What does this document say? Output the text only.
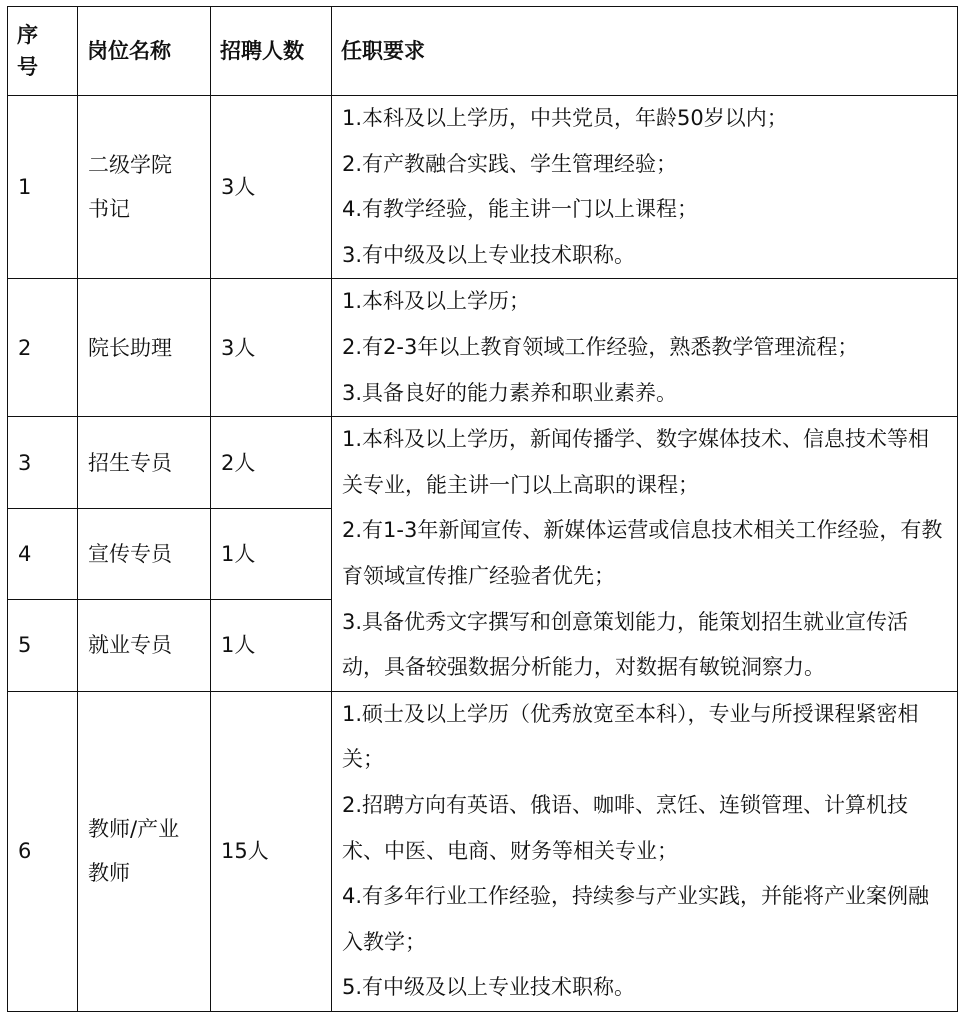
序号	岗位名称	招聘人数	任职要求
1	二级学院书记	3人	1.本科及以上学历，中共党员，年龄50岁以内；
2.有产教融合实践、学生管理经验；
4.有教学经验，能主讲一门以上课程；
3.有中级及以上专业技术职称。

2	院长助理	3人	1.本科及以上学历；
2.有2-3年以上教育领域工作经验，熟悉教学管理流程；
3.具备良好的能力素养和职业素养。

3	招生专员	2人	1.本科及以上学历，新闻传播学、数字媒体技术、信息技术等相关专业，能主讲一门以上高职的课程；
2.有1-3年新闻宣传、新媒体运营或信息技术相关工作经验，有教育领域宣传推广经验者优先；
3.具备优秀文字撰写和创意策划能力，能策划招生就业宣传活动，具备较强数据分析能力，对数据有敏锐洞察力。

4	宣传专员	1人	
5	就业专员	1人	
6	教师/产业教师	15人	1.硕士及以上学历（优秀放宽至本科），专业与所授课程紧密相关；
2.招聘方向有英语、俄语、咖啡、烹饪、连锁管理、计算机技术、中医、电商、财务等相关专业；
4.有多年行业工作经验，持续参与产业实践，并能将产业案例融入教学；
5.有中级及以上专业技术职称。
